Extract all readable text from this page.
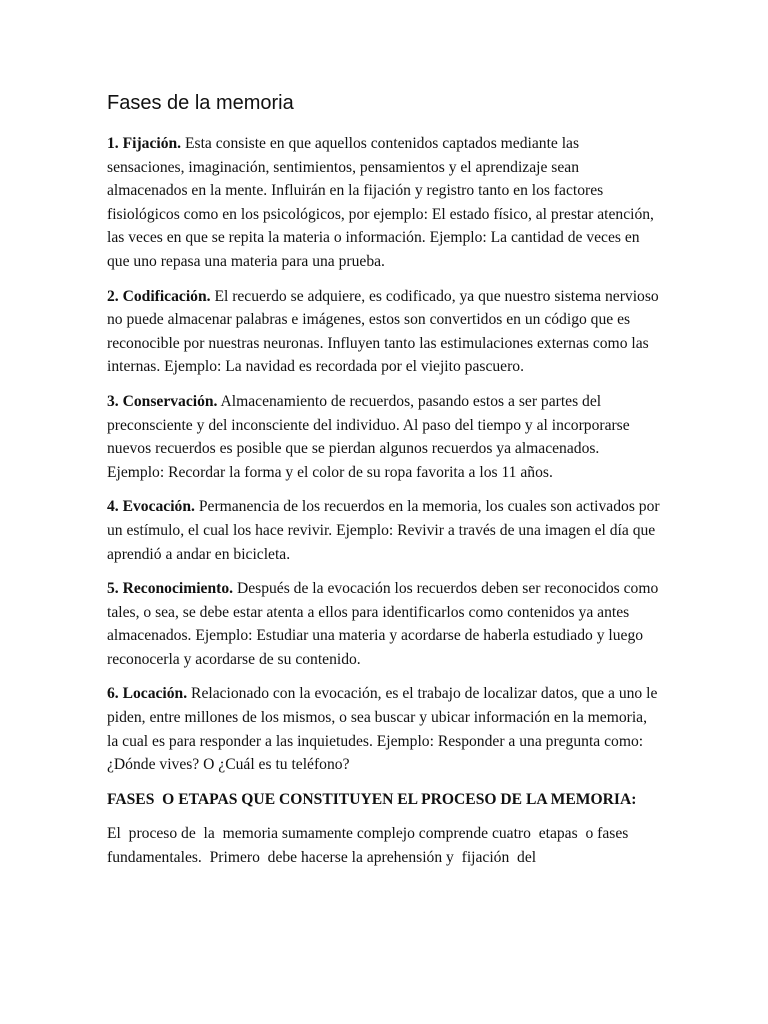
Fases de la memoria

1. Fijación. Esta consiste en que aquellos contenidos captados mediante las sensaciones, imaginación, sentimientos, pensamientos y el aprendizaje sean almacenados en la mente. Influirán en la fijación y registro tanto en los factores fisiológicos como en los psicológicos, por ejemplo: El estado físico, al prestar atención, las veces en que se repita la materia o información. Ejemplo: La cantidad de veces en que uno repasa una materia para una prueba.

2. Codificación. El recuerdo se adquiere, es codificado, ya que nuestro sistema nervioso no puede almacenar palabras e imágenes, estos son convertidos en un código que es reconocible por nuestras neuronas. Influyen tanto las estimulaciones externas como las internas. Ejemplo: La navidad es recordada por el viejito pascuero.

3. Conservación. Almacenamiento de recuerdos, pasando estos a ser partes del preconsciente y del inconsciente del individuo. Al paso del tiempo y al incorporarse nuevos recuerdos es posible que se pierdan algunos recuerdos ya almacenados. Ejemplo: Recordar la forma y el color de su ropa favorita a los 11 años.

4. Evocación. Permanencia de los recuerdos en la memoria, los cuales son activados por un estímulo, el cual los hace revivir. Ejemplo: Revivir a través de una imagen el día que aprendió a andar en bicicleta.

5. Reconocimiento. Después de la evocación los recuerdos deben ser reconocidos como tales, o sea, se debe estar atenta a ellos para identificarlos como contenidos ya antes almacenados. Ejemplo: Estudiar una materia y acordarse de haberla estudiado y luego reconocerla y acordarse de su contenido.

6. Locación. Relacionado con la evocación, es el trabajo de localizar datos, que a uno le piden, entre millones de los mismos, o sea buscar y ubicar información en la memoria, la cual es para responder a las inquietudes. Ejemplo: Responder a una pregunta como: ¿Dónde vives? O ¿Cuál es tu teléfono?

FASES  O ETAPAS QUE CONSTITUYEN EL PROCESO DE LA MEMORIA:

El  proceso de  la  memoria sumamente complejo comprende cuatro  etapas  o fases fundamentales.  Primero  debe hacerse la aprehensión y  fijación  del
